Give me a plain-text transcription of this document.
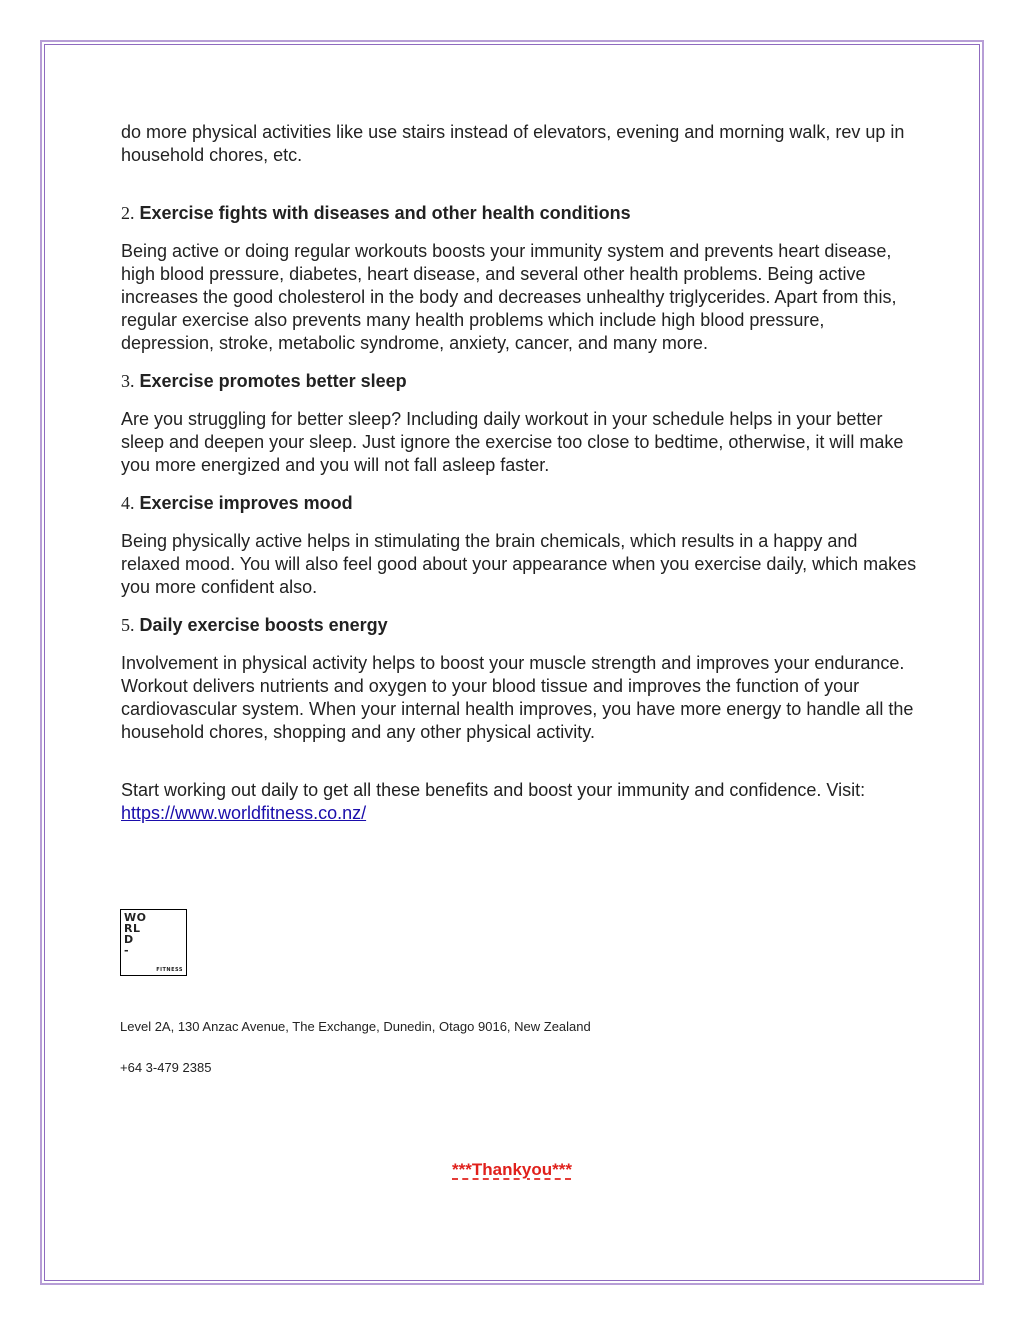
do more physical activities like use stairs instead of elevators, evening and morning walk, rev up in household chores, etc.

2. Exercise fights with diseases and other health conditions

Being active or doing regular workouts boosts your immunity system and prevents heart disease, high blood pressure, diabetes, heart disease, and several other health problems. Being active increases the good cholesterol in the body and decreases unhealthy triglycerides. Apart from this, regular exercise also prevents many health problems which include high blood pressure, depression, stroke, metabolic syndrome, anxiety, cancer, and many more.

3. Exercise promotes better sleep

Are you struggling for better sleep? Including daily workout in your schedule helps in your better sleep and deepen your sleep. Just ignore the exercise too close to bedtime, otherwise, it will make you more energized and you will not fall asleep faster.

4. Exercise improves mood

Being physically active helps in stimulating the brain chemicals, which results in a happy and relaxed mood. You will also feel good about your appearance when you exercise daily, which makes you more confident also.

5. Daily exercise boosts energy

Involvement in physical activity helps to boost your muscle strength and improves your endurance. Workout delivers nutrients and oxygen to your blood tissue and improves the function of your cardiovascular system. When your internal health improves, you have more energy to handle all the household chores, shopping and any other physical activity.

Start working out daily to get all these benefits and boost your immunity and confidence. Visit: https://www.worldfitness.co.nz/

WO
RL
D
-
FITNESS
Level 2A, 130 Anzac Avenue, The Exchange, Dunedin, Otago 9016, New Zealand
+64 3-479 2385
***Thankyou***
